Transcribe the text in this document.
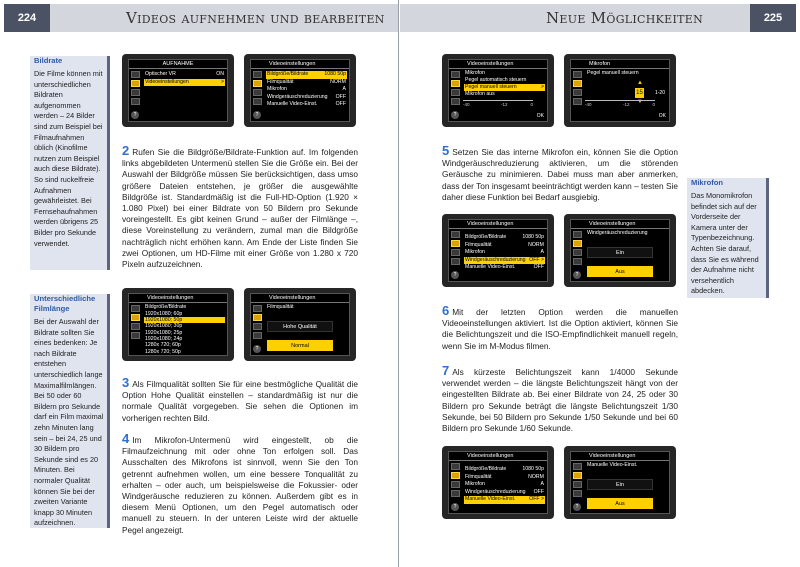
224	Videos aufnehmen und bearbeiten
Bildrate
Die Filme können mit unterschiedlichen Bildraten aufgenommen werden – 24 Bilder sind zum Beispiel bei Filmaufnahmen üblich (Kinofilme nutzen zum Beispiel auch diese Bildrate). So sind ruckelfreie Aufnahmen gewährleistet. Bei Fernsehaufnahmen werden übrigens 25 Bilder pro Sekunde verwendet.
Unterschiedliche Filmlänge
Bei der Auswahl der Bildrate sollten Sie eines bedenken: Je nach Bildrate entstehen unterschiedlich lange Maximalfilmlängen. Bei 50 oder 60 Bildern pro Sekunde darf ein Film maximal zehn Minuten lang sein – bei 24, 25 und 30 Bildern pro Sekunde sind es 20 Minuten. Bei normaler Qualität können Sie bei der zweiten Variante knapp 30 Minuten aufzeichnen.
AUFNAHME
Optischer VR	ON
Videoeinstellungen	>
?
Videoeinstellungen
Bildgröße/Bildrate	1080 50p
Filmqualität	NORM
Mikrofon	A
Windgeräuschreduzierung OFF
Manuelle Video-Einst.	OFF
?
2 Rufen Sie die Bildgröße/Bildrate-Funktion auf. Im folgenden links abgebildeten Untermenü stellen Sie die Größe ein. Bei der Auswahl der Bildgröße müssen Sie berücksichtigen, dass umso größere Dateien entstehen, je größer die ausgewählte Bildgröße ist. Standardmäßig ist die Full-HD-Option (1.920 × 1.080 Pixel) bei einer Bildrate von 50 Bildern pro Sekunde voreingestellt. Es gibt keinen Grund – außer der Filmlänge –, diese Voreinstellung zu verändern, zumal man die Bildgröße nachträglich nicht erhöhen kann. Am Ende der Liste finden Sie zwei Optionen, um HD-Filme mit einer Größe von 1.280 x 720 Pixeln aufzuzeichnen.
Videoeinstellungen
Bildgröße/Bildrate
1920x1080; 60p
1920x1080; 50p
1920x1080; 30p
1920x1080; 25p
1920x1080; 24p
1280x 720; 60p
1280x 720; 50p
Videoeinstellungen
Filmqualität
Hohe Qualität
Normal
?
3 Als Filmqualität sollten Sie für eine bestmögliche Qualität die Option Hohe Qualität einstellen – standardmäßig ist nur die normale Qualität vorgegeben. Sie sehen die Optionen im vorherigen rechten Bild.
4 Im Mikrofon-Untermenü wird eingestellt, ob die Filmaufzeichnung mit oder ohne Ton erfolgen soll. Das Ausschalten des Mikrofons ist sinnvoll, wenn Sie den Ton getrennt aufnehmen wollen, um eine bessere Tonqualität zu erhalten – oder auch, um beispielsweise die Fokussier- oder Windgeräusche reduzieren zu können. Außerdem gibt es in diesem Menü Optionen, um den Pegel automatisch oder manuell zu steuern. In der unteren Leiste wird der aktuelle Pegel angezeigt.
Neue Möglichkeiten	225
Mikrofon
Das Monomikrofon befindet sich auf der Vorderseite der Kamera unter der Typenbezeichnung. Achten Sie darauf, dass Sie es während der Aufnahme nicht versehentlich abdecken.
Videoeinstellungen
Mikrofon
Pegel automatisch steuern
Pegel manuell steuern	>
Mikrofon aus
-40	-12	0
OK
?
Mikrofon
Pegel manuell steuern
▲
15
▼
1-20
-40	-12	0
OK
5 Setzen Sie das interne Mikrofon ein, können Sie die Option Windgeräuschreduzierung aktivieren, um die störenden Geräusche zu minimieren. Dabei muss man aber anmerken, dass der Ton insgesamt beeinträchtigt werden kann – testen Sie daher diese Funktion bei Bedarf ausgiebig.
Videoeinstellungen
Bildgröße/Bildrate	1080 50p
Filmqualität	NORM
Mikrofon	A
Windgeräuschreduzierung OFF >
Manuelle Video-Einst.	OFF
?
Videoeinstellungen
Windgeräuschreduzierung
Ein
Aus
?
6 Mit der letzten Option werden die manuellen Videoeinstellungen aktiviert. Ist die Option aktiviert, können Sie die Belichtungszeit und die ISO-Empfindlichkeit manuell regeln, wenn Sie im M-Modus filmen.
7 Als kürzeste Belichtungszeit kann 1/4000 Sekunde verwendet werden – die längste Belichtungszeit hängt von der eingestellten Bildrate ab. Bei einer Bildrate von 24, 25 oder 30 Bildern pro Sekunde beträgt die längste Belichtungszeit 1/30 Sekunde, bei 50 Bildern pro Sekunde 1/50 Sekunde und bei 60 Bildern pro Sekunde 1/60 Sekunde.
Videoeinstellungen
Bildgröße/Bildrate	1080 50p
Filmqualität	NORM
Mikrofon	A
Windgeräuschreduzierung OFF
Manuelle Video-Einst.	OFF >
?
Videoeinstellungen
Manuelle Video-Einst.
Ein
Aus
?
